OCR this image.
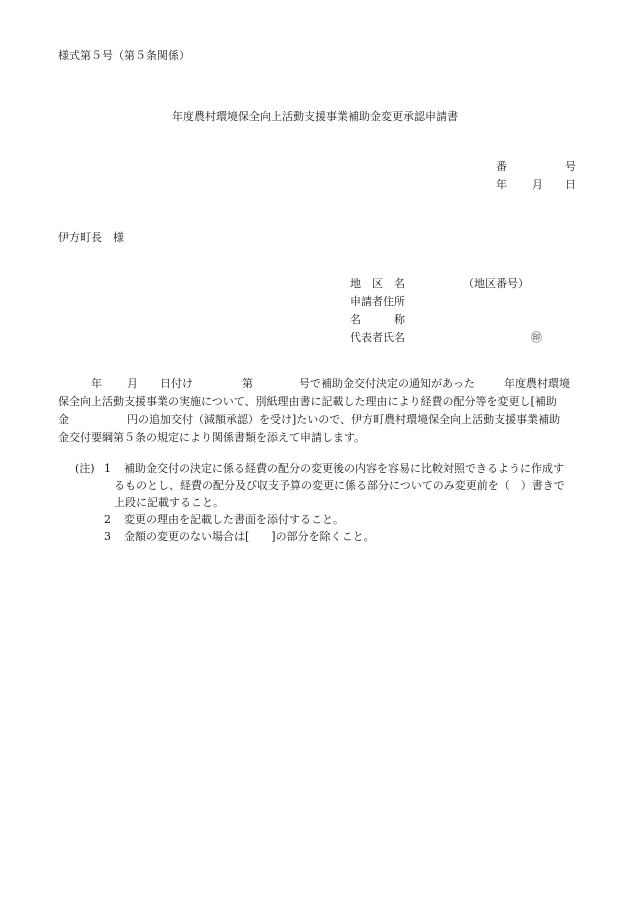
様式第５号（第５条関係）
年度農村環境保全向上活動支援事業補助金変更承認申請書
番	号
年 月 日
伊方町長　様
地　区　名	（地区番号）
申請者住所
名　　　称
代表者氏名	㊞
年 月 日付け	第	号で補助金交付決定の通知があった	年度農村環境
保全向上活動支援事業の実施について、別紙理由書に記載した理由により経費の配分等を変更し[補助
金	円の追加交付（減額承認）を受け]たいので、伊方町農村環境保全向上活動支援事業補助
金交付要綱第５条の規定により関係書類を添えて申請します。
(注) 1 補助金交付の決定に係る経費の配分の変更後の内容を容易に比較対照できるように作成す
るものとし、経費の配分及び収支予算の変更に係る部分についてのみ変更前を（　）書きで
上段に記載すること。
2 変更の理由を記載した書面を添付すること。
3 金額の変更のない場合は[　　]の部分を除くこと。
